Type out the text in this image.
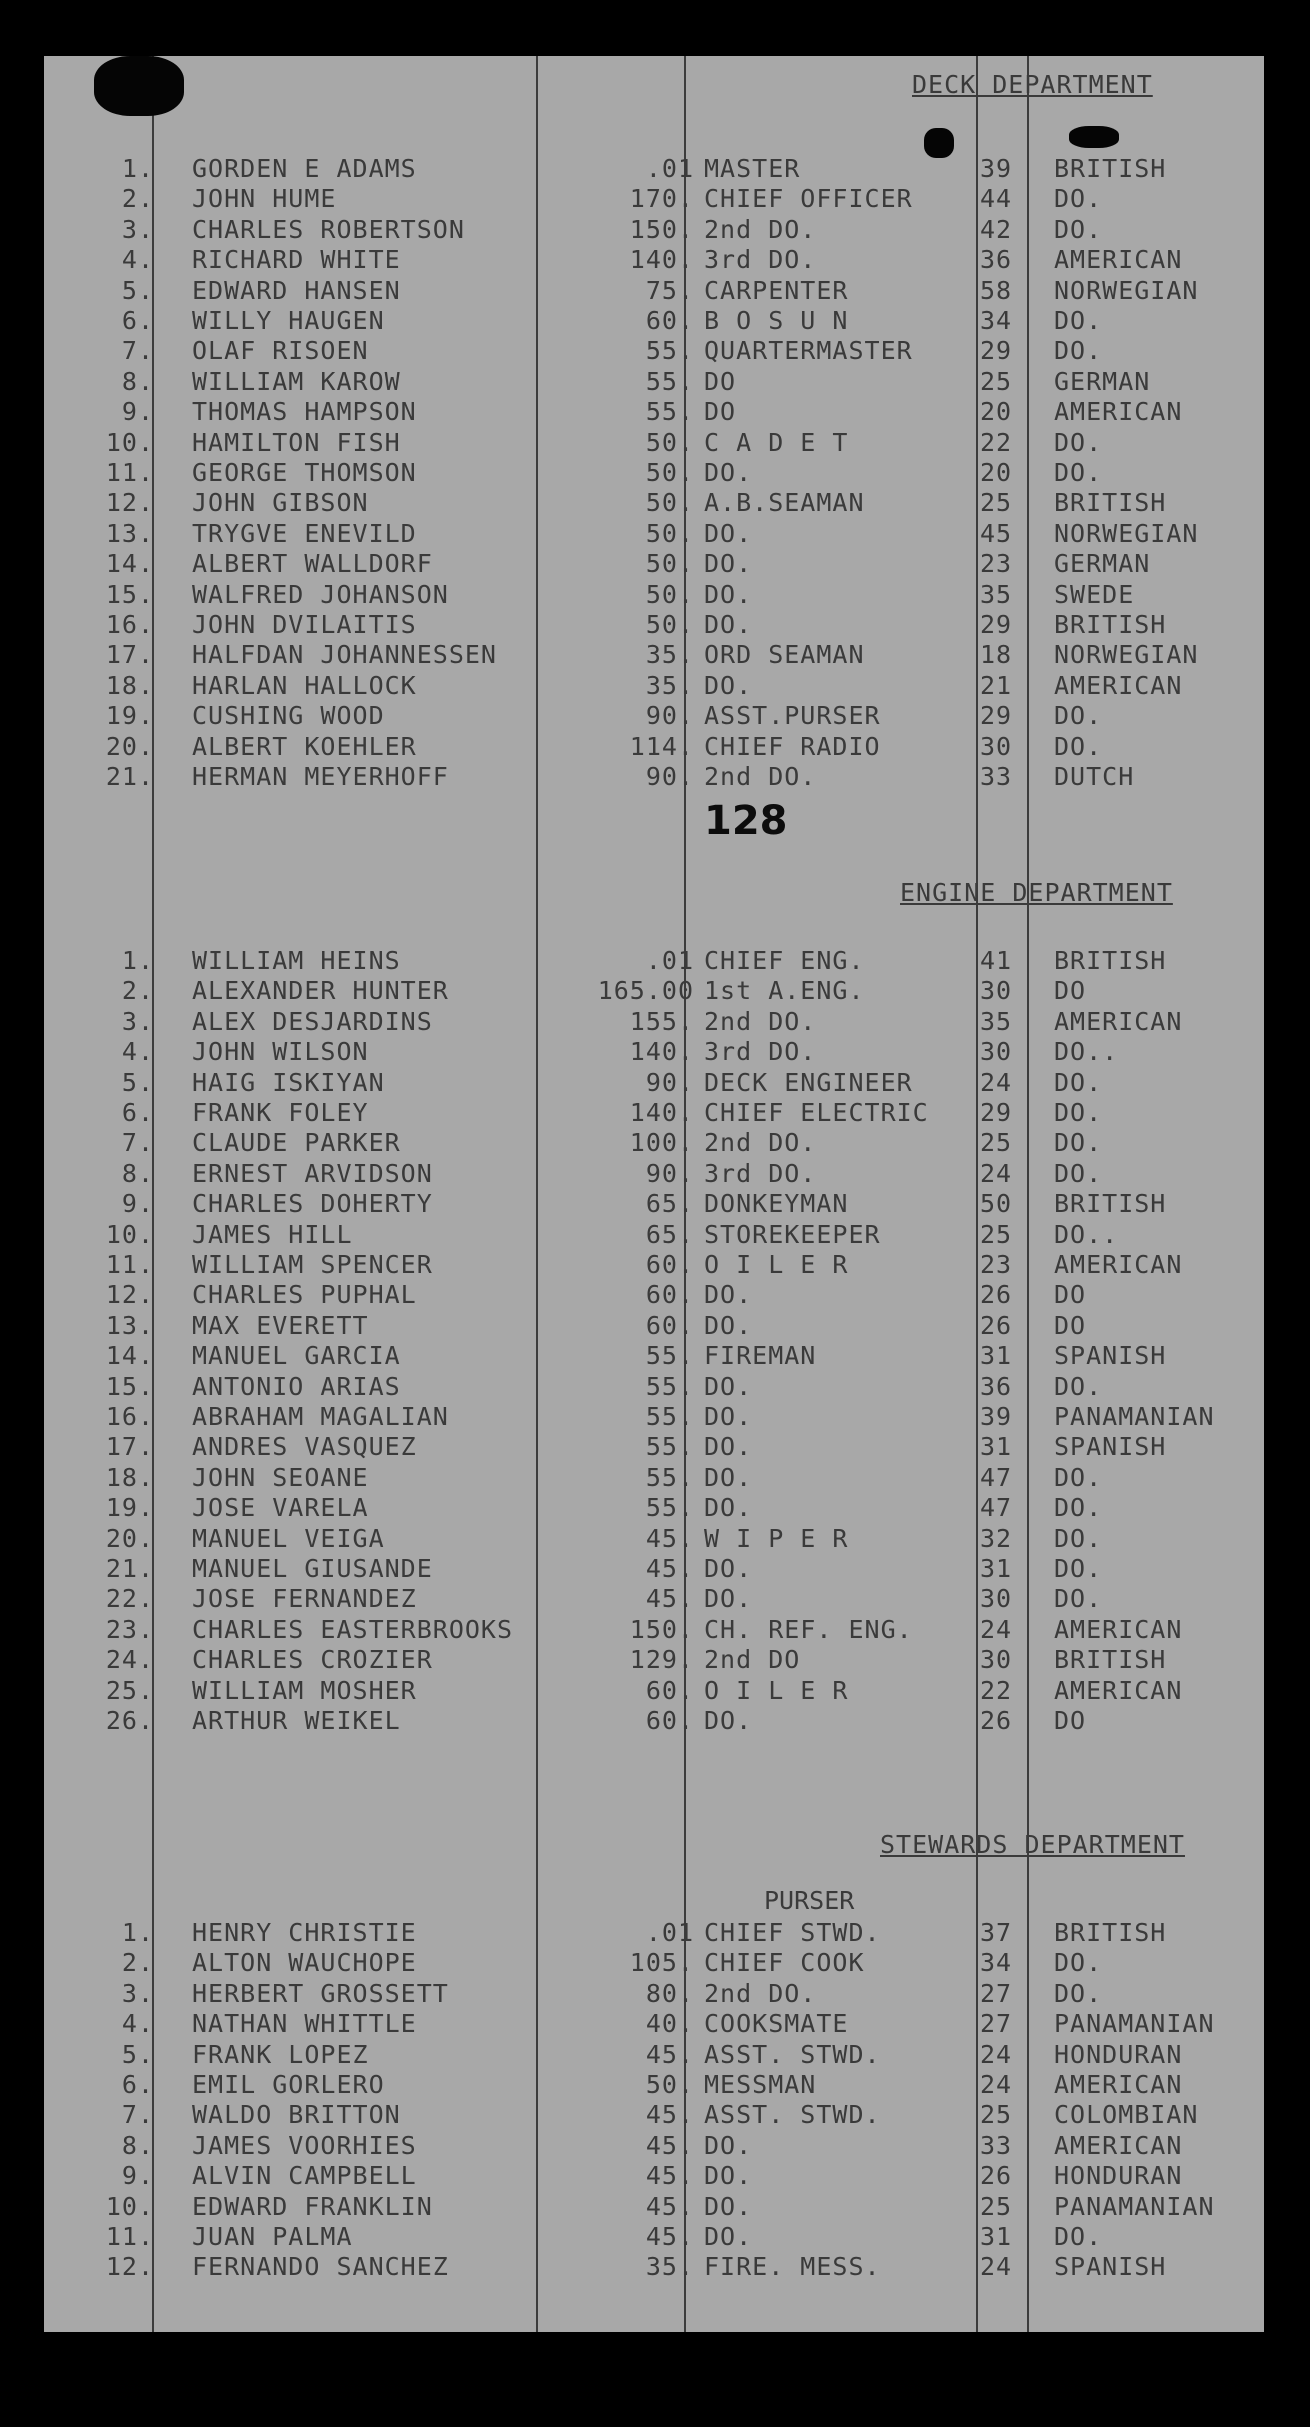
DECK DEPARTMENT
1. GORDEN E ADAMS	.01 MASTER	39 BRITISH
2. JOHN HUME	170. CHIEF OFFICER	44 DO.
3. CHARLES ROBERTSON	150. 2nd DO.	42 DO.
4. RICHARD WHITE	140. 3rd DO.	36 AMERICAN
5. EDWARD HANSEN	75. CARPENTER	58 NORWEGIAN
6. WILLY HAUGEN	60. B O S U N	34 DO.
7. OLAF RISOEN	55. QUARTERMASTER	29 DO.
8. WILLIAM KAROW	55. DO	25 GERMAN
9. THOMAS HAMPSON	55. DO	20 AMERICAN
10. HAMILTON FISH	50. C A D E T	22 DO.
11. GEORGE THOMSON	50. DO.	20 DO.
12. JOHN GIBSON	50. A.B.SEAMAN	25 BRITISH
13. TRYGVE ENEVILD	50. DO.	45 NORWEGIAN
14. ALBERT WALLDORF	50. DO.	23 GERMAN
15. WALFRED JOHANSON	50. DO.	35 SWEDE
16. JOHN DVILAITIS	50. DO.	29 BRITISH
17. HALFDAN JOHANNESSEN	35. ORD SEAMAN	18 NORWEGIAN
18. HARLAN HALLOCK	35. DO.	21 AMERICAN
19. CUSHING WOOD	90. ASST.PURSER	29 DO.
20. ALBERT KOEHLER	114. CHIEF RADIO	30 DO.
21. HERMAN MEYERHOFF	90. 2nd DO.	33 DUTCH
128
ENGINE DEPARTMENT
1. WILLIAM HEINS	.01 CHIEF ENG.	41 BRITISH
2. ALEXANDER HUNTER	165.00 1st A.ENG.	30 DO
3. ALEX DESJARDINS	155. 2nd DO.	35 AMERICAN
4. JOHN WILSON	140. 3rd DO.	30 DO..
5. HAIG ISKIYAN	90. DECK ENGINEER	24 DO.
6. FRANK FOLEY	140. CHIEF ELECTRIC 29 DO.
7. CLAUDE PARKER	100. 2nd DO.	25 DO.
8. ERNEST ARVIDSON	90. 3rd DO.	24 DO.
9. CHARLES DOHERTY	65. DONKEYMAN	50 BRITISH
10. JAMES HILL	65. STOREKEEPER	25 DO..
11. WILLIAM SPENCER	60. O I L E R	23 AMERICAN
12. CHARLES PUPHAL	60. DO.	26 DO
13. MAX EVERETT	60. DO.	26 DO
14. MANUEL GARCIA	55. FIREMAN	31 SPANISH
15. ANTONIO ARIAS	55. DO.	36 DO.
16. ABRAHAM MAGALIAN	55. DO.	39 PANAMANIAN
17. ANDRES VASQUEZ	55. DO.	31 SPANISH
18. JOHN SEOANE	55. DO.	47 DO.
19. JOSE VARELA	55. DO.	47 DO.
20. MANUEL VEIGA	45. W I P E R	32 DO.
21. MANUEL GIUSANDE	45. DO.	31 DO.
22. JOSE FERNANDEZ	45. DO.	30 DO.
23. CHARLES EASTERBROOKS	150. CH. REF. ENG.	24 AMERICAN
24. CHARLES CROZIER	129. 2nd DO	30 BRITISH
25. WILLIAM MOSHER	60. O I L E R	22 AMERICAN
26. ARTHUR WEIKEL	60. DO.	26 DO
STEWARDS DEPARTMENT
PURSER
1. HENRY CHRISTIE	.01 CHIEF STWD.	37 BRITISH
2. ALTON WAUCHOPE	105. CHIEF COOK	34 DO.
3. HERBERT GROSSETT	80. 2nd DO.	27 DO.
4. NATHAN WHITTLE	40. COOKSMATE	27 PANAMANIAN
5. FRANK LOPEZ	45. ASST. STWD.	24 HONDURAN
6. EMIL GORLERO	50. MESSMAN	24 AMERICAN
7. WALDO BRITTON	45. ASST. STWD.	25 COLOMBIAN
8. JAMES VOORHIES	45. DO.	33 AMERICAN
9. ALVIN CAMPBELL	45. DO.	26 HONDURAN
10. EDWARD FRANKLIN	45. DO.	25 PANAMANIAN
11. JUAN PALMA	45. DO.	31 DO.
12. FERNANDO SANCHEZ	35. FIRE. MESS.	24 SPANISH
